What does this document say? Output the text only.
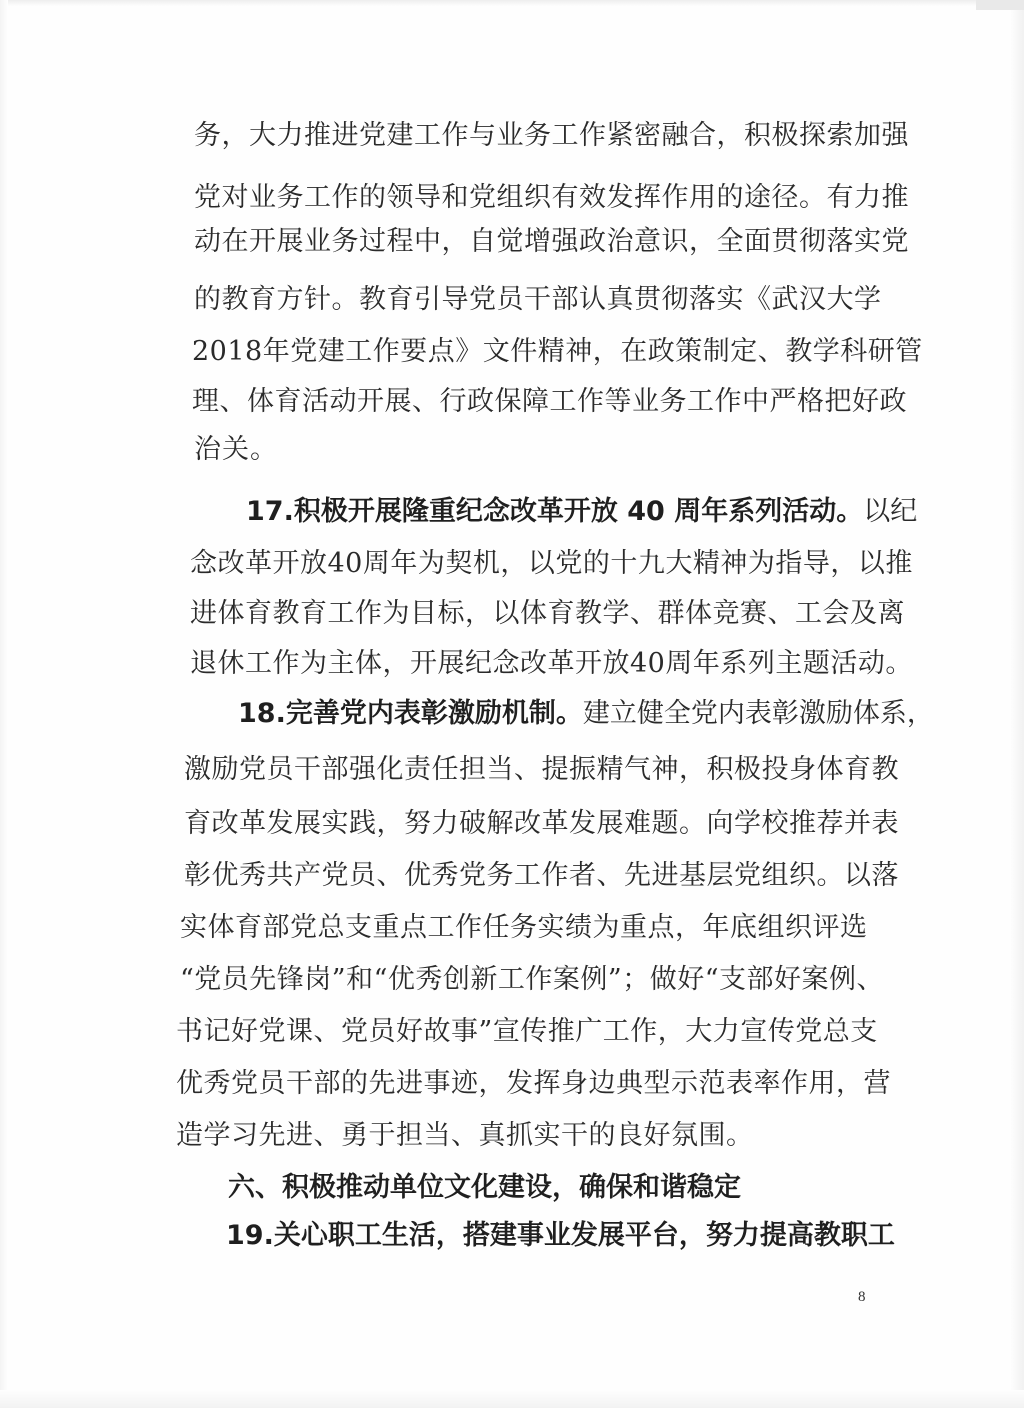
务，大力推进党建工作与业务工作紧密融合，积极探索加强

党对业务工作的领导和党组织有效发挥作用的途径。有力推

动在开展业务过程中，自觉增强政治意识，全面贯彻落实党

的教育方针。教育引导党员干部认真贯彻落实《武汉大学

2018年党建工作要点》文件精神，在政策制定、教学科研管

理、体育活动开展、行政保障工作等业务工作中严格把好政

治关。

17.积极开展隆重纪念改革开放 40 周年系列活动。以纪

念改革开放40周年为契机，以党的十九大精神为指导，以推

进体育教育工作为目标，以体育教学、群体竞赛、工会及离

退休工作为主体，开展纪念改革开放40周年系列主题活动。

18.完善党内表彰激励机制。建立健全党内表彰激励体系，

激励党员干部强化责任担当、提振精气神，积极投身体育教

育改革发展实践，努力破解改革发展难题。向学校推荐并表

彰优秀共产党员、优秀党务工作者、先进基层党组织。以落

实体育部党总支重点工作任务实绩为重点，年底组织评选

“党员先锋岗”和“优秀创新工作案例”；做好“支部好案例、

书记好党课、党员好故事”宣传推广工作，大力宣传党总支

优秀党员干部的先进事迹，发挥身边典型示范表率作用，营

造学习先进、勇于担当、真抓实干的良好氛围。

六、积极推动单位文化建设，确保和谐稳定

19.关心职工生活，搭建事业发展平台，努力提高教职工

8
